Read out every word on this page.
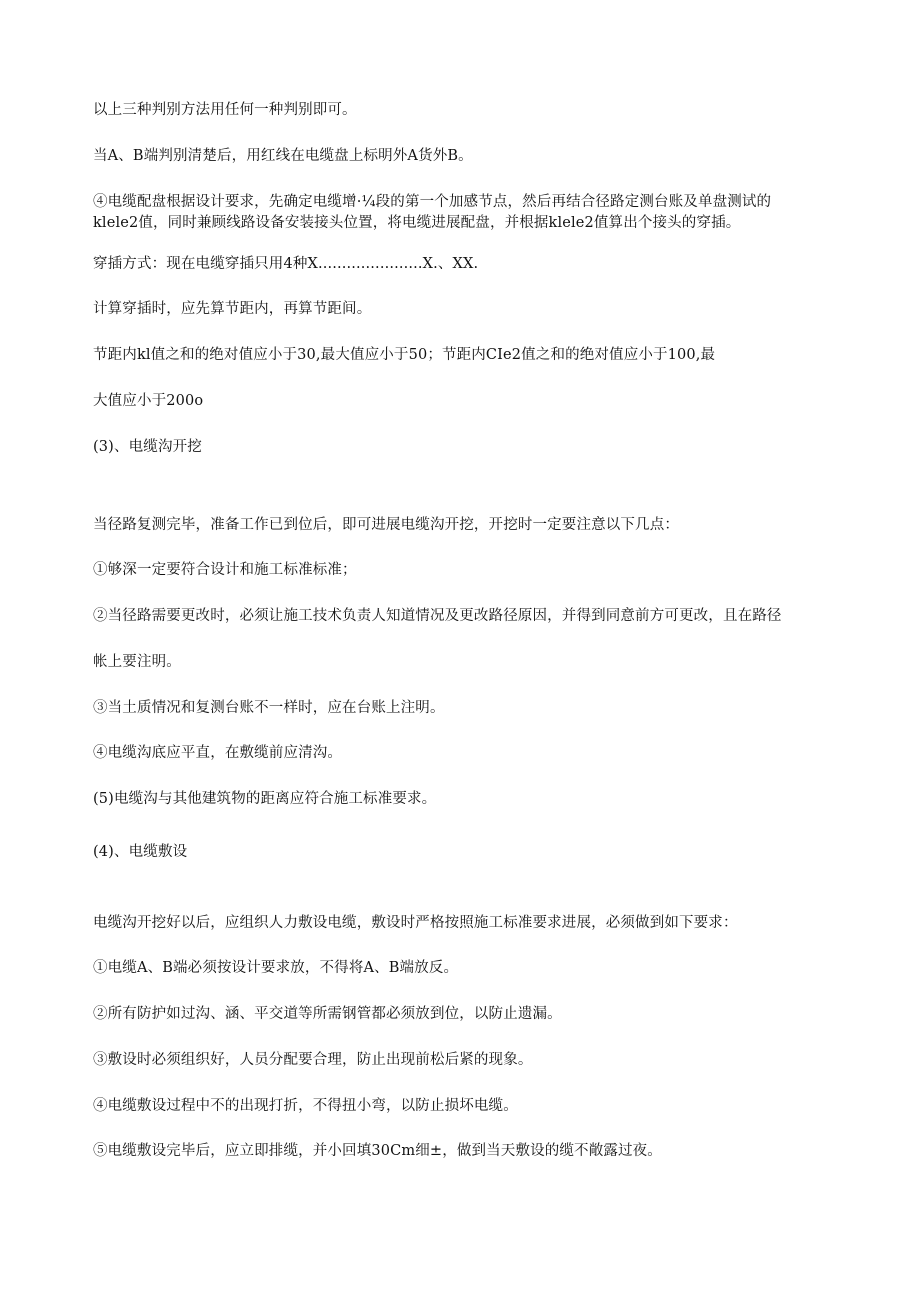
以上三种判别方法用任何一种判别即可。
当A、B端判别清楚后，用红线在电缆盘上标明外A货外B。
④电缆配盘根据设计要求，先确定电缆增·¼段的第一个加感节点，然后再结合径路定测台账及单盘测试的
klele2值，同时兼顾线路设备安装接头位置，将电缆进展配盘，并根据klele2值算出个接头的穿插。
穿插方式：现在电缆穿插只用4种X......................X.、XX.
计算穿插时，应先算节距内，再算节距间。
节距内kl值之和的绝对值应小于30,最大值应小于50；节距内CIe2值之和的绝对值应小于100,最
大值应小于200o
(3)、电缆沟开挖
当径路复测完毕，准备工作已到位后，即可进展电缆沟开挖，开挖时一定要注意以下几点：
①够深一定要符合设计和施工标准标准；
②当径路需要更改时，必须让施工技术负责人知道情况及更改路径原因，并得到同意前方可更改，且在路径
帐上要注明。
③当土质情况和复测台账不一样时，应在台账上注明。
④电缆沟底应平直，在敷缆前应清沟。
(5)电缆沟与其他建筑物的距离应符合施工标准要求。
(4)、电缆敷设
电缆沟开挖好以后，应组织人力敷设电缆，敷设时严格按照施工标准要求进展，必须做到如下要求：
①电缆A、B端必须按设计要求放，不得将A、B端放反。
②所有防护如过沟、涵、平交道等所需钢管都必须放到位，以防止遗漏。
③敷设时必须组织好，人员分配要合理，防止出现前松后紧的现象。
④电缆敷设过程中不的出现打折，不得扭小弯，以防止损坏电缆。
⑤电缆敷设完毕后，应立即排缆，并小回填30Cm细±，做到当天敷设的缆不敞露过夜。
